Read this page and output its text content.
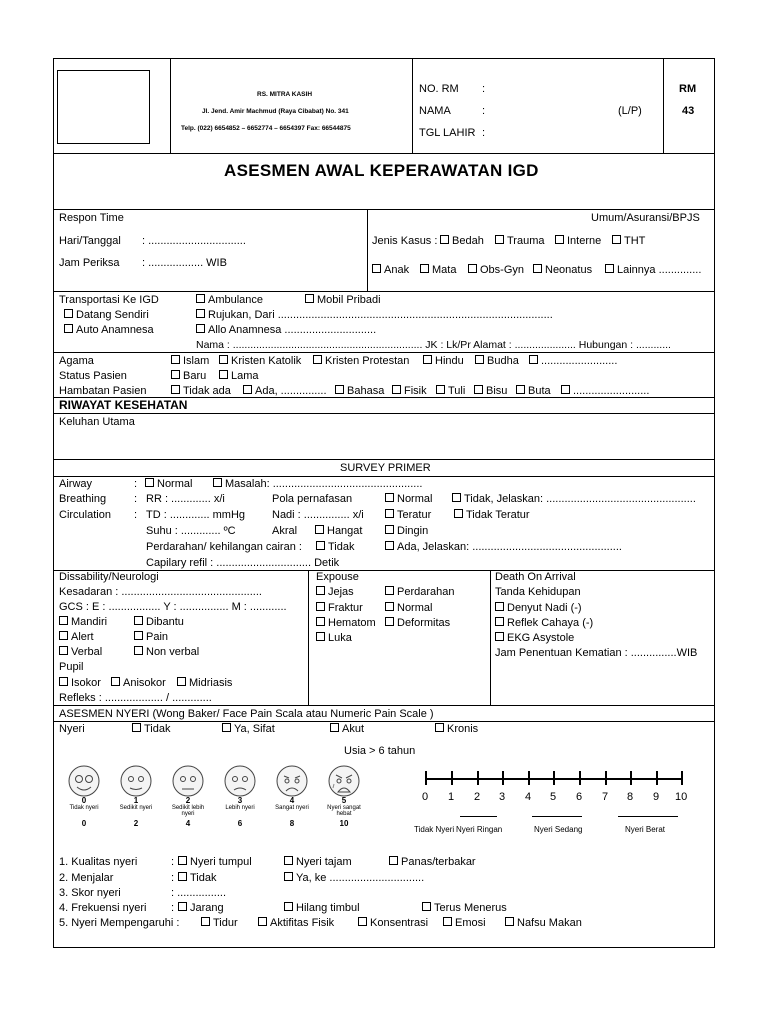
RS. MITRA KASIH
Jl. Jend. Amir Machmud (Raya Cibabat) No. 341
Telp. (022) 6654852 – 6652774 – 6654397 Fax: 66544875
NO. RM :
NAMA	:	(L/P)
TGL LAHIR :
RM
43
ASESMEN AWAL KEPERAWATAN IGD
Respon Time
Hari/Tanggal : ................................
Jam Periksa : .................. WIB
Umum/Asuransi/BPJS
Jenis Kasus :	Bedah	Trauma	Interne	THT
Anak	Mata	Obs-Gyn	Neonatus	Lainnya ..............
Transportasi Ke IGD	Ambulance	Mobil Pribadi
Datang Sendiri	Rujukan, Dari ..........................................................................................
Auto Anamnesa	Allo Anamnesa ..............................
Nama : ................................................................. JK : Lk/Pr Alamat : ..................... Hubungan : ............
Agama	Islam	Kristen Katolik	Kristen Protestan	Hindu	Budha	.........................
Status Pasien	Baru	Lama
Hambatan Pasien	Tidak ada	Ada, ...............	Bahasa	Fisik	Tuli	Bisu	Buta	.........................
RIWAYAT KESEHATAN
Keluhan Utama
SURVEY PRIMER
Airway	:	Normal	Masalah: .................................................
Breathing	: RR : ............. x/i	Pola pernafasan	Normal	Tidak, Jelaskan: .................................................
Circulation : TD : ............. mmHg Nadi : ............... x/i	Teratur	Tidak Teratur
Suhu : ............. ºC	Akral	Hangat	Dingin
Perdarahan/ kehilangan cairan :	Tidak	Ada, Jelaskan: .................................................
Capilary refil : ............................... Detik
Dissability/Neurologi
Kesadaran : ..............................................
GCS : E : ................. Y : ................ M : ............
Mandiri	Dibantu
Alert	Pain
Verbal	Non verbal
Pupil
Isokor	Anisokor	Midriasis
Refleks : ................... / .............
Expouse
Jejas	Perdarahan
Fraktur	Normal
Hematom	Deformitas
Luka
Death On Arrival
Tanda Kehidupan
Denyut Nadi (-)
Reflek Cahaya (-)
EKG Asystole
Jam Penentuan Kematian : ...............WIB
ASESMEN NYERI (Wong Baker/ Face Pain Scala atau Numeric Pain Scale )
Nyeri	Tidak	Ya, Sifat	Akut	Kronis
Usia > 6 tahun
0	1	2	3	4	5
Tidak nyeri	Sedikit nyeri	Sedikit lebih nyeri
Lebih nyeri	Sangat nyeri	Nyeri sangat hebat
0	2	4	6	8	10
0 1 2 3 4 5 6 7 8 9 10
Tidak Nyeri Nyeri Ringan	Nyeri Sedang	Nyeri Berat
1. Kualitas nyeri	:	Nyeri tumpul	Nyeri tajam	Panas/terbakar
2. Menjalar	:	Tidak	Ya, ke ...............................
3. Skor nyeri	: ................
4. Frekuensi nyeri :	Jarang	Hilang timbul	Terus Menerus
5. Nyeri Mempengaruhi :	Tidur	Aktifitas Fisik	Konsentrasi	Emosi	Nafsu Makan
